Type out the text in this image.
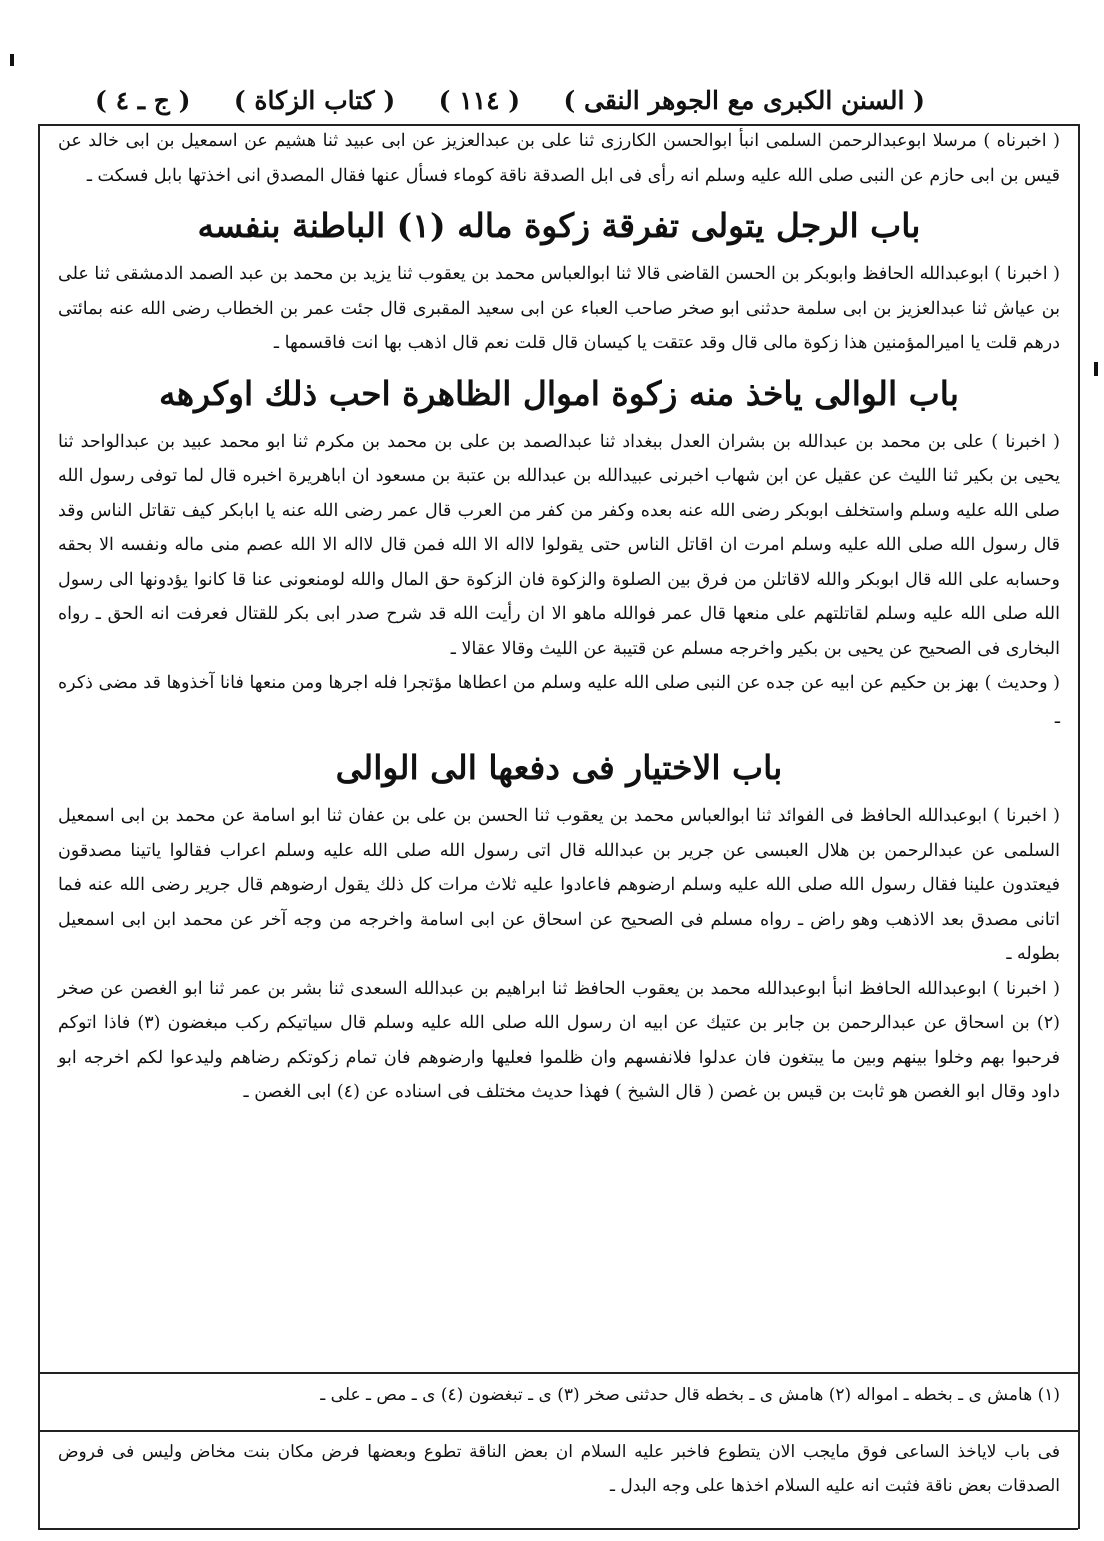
( السنن الكبرى مع الجوهر النقى )
( ١١٤ )
( كتاب الزكاة )
( ج ـ ٤ )

( اخبرناه ) مرسلا ابوعبدالرحمن السلمى انبأ ابوالحسن الكارزى ثنا على بن عبدالعزيز عن ابى عبيد ثنا هشيم عن اسمعيل بن ابى خالد عن قيس بن ابى حازم عن النبى صلى الله عليه وسلم انه رأى فى ابل الصدقة ناقة كوماء فسأل عنها فقال المصدق انى اخذتها بابل فسكت ـ

باب الرجل يتولى تفرقة زكوة ماله (١) الباطنة بنفسه

( اخبرنا ) ابوعبدالله الحافظ وابوبكر بن الحسن القاضى قالا ثنا ابوالعباس محمد بن يعقوب ثنا يزيد بن محمد بن عبد الصمد الدمشقى ثنا على بن عياش ثنا عبدالعزيز بن ابى سلمة حدثنى ابو صخر صاحب العباء عن ابى سعيد المقبرى قال جئت عمر بن الخطاب رضى الله عنه بمائتى درهم قلت يا اميرالمؤمنين هذا زكوة مالى قال وقد عتقت يا كيسان قال قلت نعم قال اذهب بها انت فاقسمها ـ

باب الوالى ياخذ منه زكوة اموال الظاهرة احب ذلك اوكرهه

( اخبرنا ) على بن محمد بن عبدالله بن بشران العدل ببغداد ثنا عبدالصمد بن على بن محمد بن مكرم ثنا ابو محمد عبيد بن عبدالواحد ثنا يحيى بن بكير ثنا الليث عن عقيل عن ابن شهاب اخبرنى عبيدالله بن عبدالله بن عتبة بن مسعود ان اباهريرة اخبره قال لما توفى رسول الله صلى الله عليه وسلم واستخلف ابوبكر رضى الله عنه بعده وكفر من كفر من العرب قال عمر رضى الله عنه يا ابابكر كيف تقاتل الناس وقد قال رسول الله صلى الله عليه وسلم امرت ان اقاتل الناس حتى يقولوا لااله الا الله فمن قال لااله الا الله عصم منى ماله ونفسه الا بحقه وحسابه على الله قال ابوبكر والله لاقاتلن من فرق بين الصلوة والزكوة فان الزكوة حق المال والله لومنعونى عنا قا كانوا يؤدونها الى رسول الله صلى الله عليه وسلم لقاتلتهم على منعها قال عمر فوالله ماهو الا ان رأيت الله قد شرح صدر ابى بكر للقتال فعرفت انه الحق ـ رواه البخارى فى الصحيح عن يحيى بن بكير واخرجه مسلم عن قتيبة عن الليث وقالا عقالا ـ

( وحديث ) بهز بن حكيم عن ابيه عن جده عن النبى صلى الله عليه وسلم من اعطاها مؤتجرا فله اجرها ومن منعها فانا آخذوها قد مضى ذكره ـ

باب الاختيار فى دفعها الى الوالى

( اخبرنا ) ابوعبدالله الحافظ فى الفوائد ثنا ابوالعباس محمد بن يعقوب ثنا الحسن بن على بن عفان ثنا ابو اسامة عن محمد بن ابى اسمعيل السلمى عن عبدالرحمن بن هلال العبسى عن جرير بن عبدالله قال اتى رسول الله صلى الله عليه وسلم اعراب فقالوا ياتينا مصدقون فيعتدون علينا فقال رسول الله صلى الله عليه وسلم ارضوهم فاعادوا عليه ثلاث مرات كل ذلك يقول ارضوهم قال جرير رضى الله عنه فما اتانى مصدق بعد الاذهب وهو راض ـ رواه مسلم فى الصحيح عن اسحاق عن ابى اسامة واخرجه من وجه آخر عن محمد ابن ابى اسمعيل بطوله ـ

( اخبرنا ) ابوعبدالله الحافظ انبأ ابوعبدالله محمد بن يعقوب الحافظ ثنا ابراهيم بن عبدالله السعدى ثنا بشر بن عمر ثنا ابو الغصن عن صخر (٢) بن اسحاق عن عبدالرحمن بن جابر بن عتيك عن ابيه ان رسول الله صلى الله عليه وسلم قال سياتيكم ركب مبغضون (٣) فاذا اتوكم فرحبوا بهم وخلوا بينهم وبين ما يبتغون فان عدلوا فلانفسهم وان ظلموا فعليها وارضوهم فان تمام زكوتكم رضاهم وليدعوا لكم اخرجه ابو داود وقال ابو الغصن هو ثابت بن قيس بن غصن ( قال الشيخ ) فهذا حديث مختلف فى اسناده عن (٤) ابى الغصن ـ

(١) هامش ى ـ بخطه ـ امواله (٢) هامش ى ـ بخطه قال حدثنى صخر (٣) ى ـ تبغضون (٤) ى ـ مص ـ على ـ
فى باب لاياخذ الساعى فوق مايجب الان يتطوع فاخبر عليه السلام ان بعض الناقة تطوع وبعضها فرض مكان بنت مخاض وليس فى فروض الصدقات بعض ناقة فثبت انه عليه السلام اخذها على وجه البدل ـ
